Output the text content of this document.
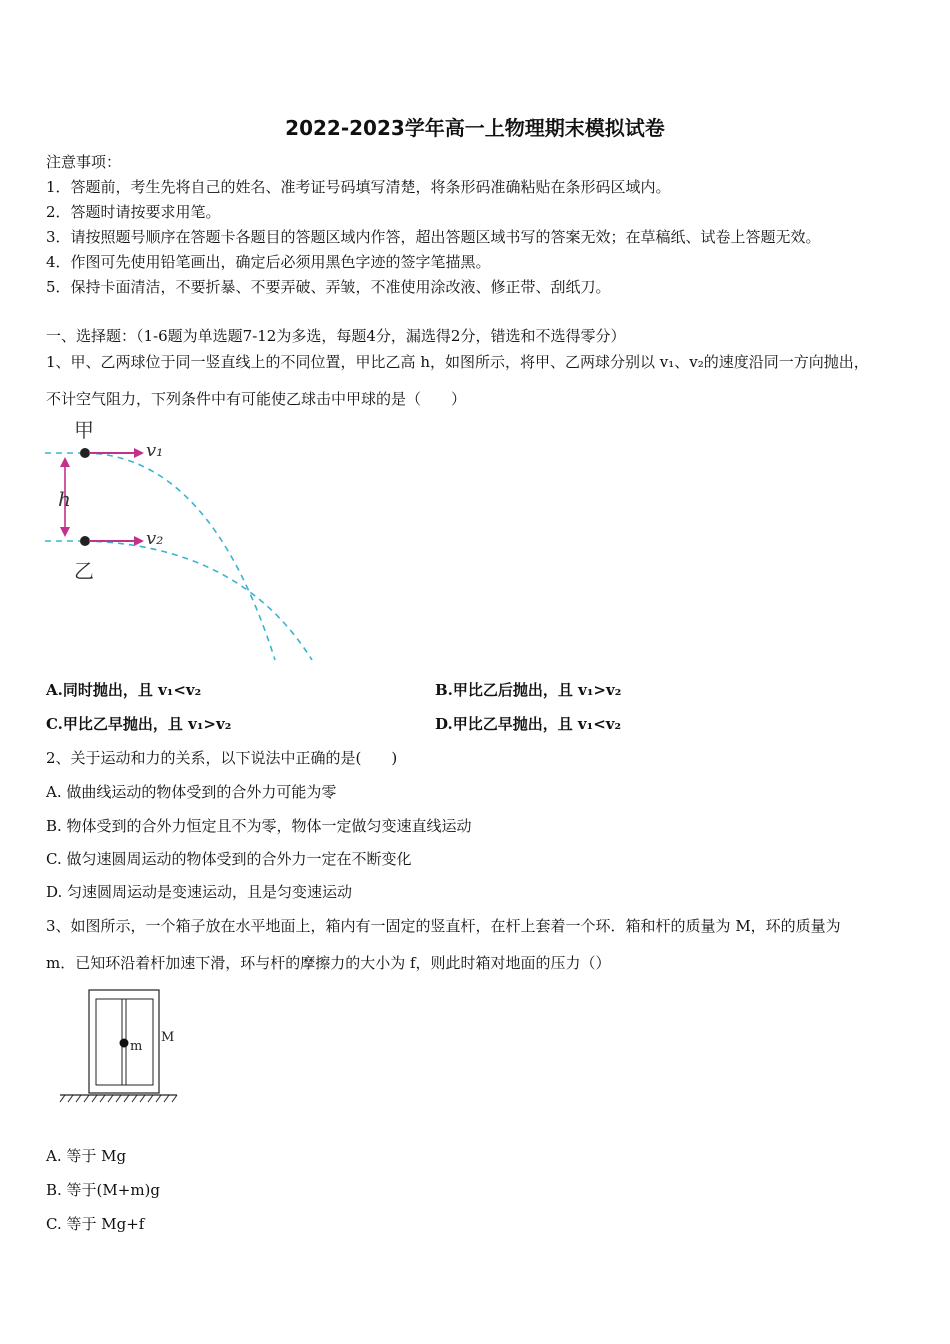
2022-2023学年高一上物理期末模拟试卷
注意事项：
1．答题前，考生先将自己的姓名、准考证号码填写清楚，将条形码准确粘贴在条形码区域内。
2．答题时请按要求用笔。
3．请按照题号顺序在答题卡各题目的答题区域内作答，超出答题区域书写的答案无效；在草稿纸、试卷上答题无效。
4．作图可先使用铅笔画出，确定后必须用黑色字迹的签字笔描黑。
5．保持卡面清洁，不要折暴、不要弄破、弄皱，不准使用涂改液、修正带、刮纸刀。
一、选择题：（1-6题为单选题7-12为多选，每题4分，漏选得2分，错选和不选得零分）
1、甲、乙两球位于同一竖直线上的不同位置，甲比乙高 h，如图所示，将甲、乙两球分别以 v₁、v₂的速度沿同一方向抛出，
不计空气阻力，下列条件中有可能使乙球击中甲球的是（　　）
甲
乙
v₁
v₂
h
A.同时抛出，且 v₁<v₂	B.甲比乙后抛出，且 v₁>v₂
C.甲比乙早抛出，且 v₁>v₂	D.甲比乙早抛出，且 v₁<v₂
2、关于运动和力的关系，以下说法中正确的是(　　)
A. 做曲线运动的物体受到的合外力可能为零
B. 物体受到的合外力恒定且不为零，物体一定做匀变速直线运动
C. 做匀速圆周运动的物体受到的合外力一定在不断变化
D. 匀速圆周运动是变速运动，且是匀变速运动
3、如图所示，一个箱子放在水平地面上，箱内有一固定的竖直杆，在杆上套着一个环．箱和杆的质量为 M，环的质量为
m．已知环沿着杆加速下滑，环与杆的摩擦力的大小为 f，则此时箱对地面的压力（）
m
M
A. 等于 Mg
B. 等于(M+m)g
C. 等于 Mg+f
